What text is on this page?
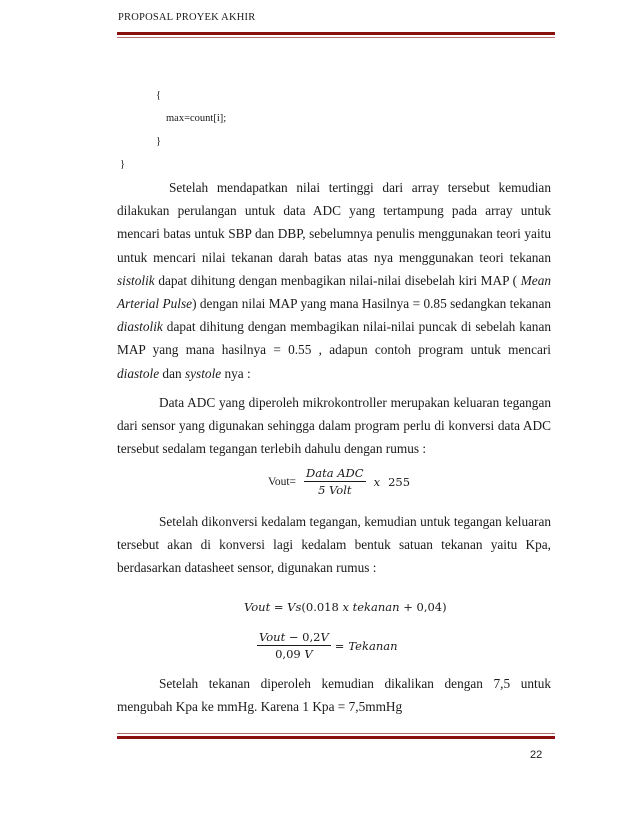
PROPOSAL PROYEK AKHIR
{
max=count[i];
}
}

Setelah mendapatkan nilai tertinggi dari array tersebut kemudian dilakukan perulangan untuk data ADC yang tertampung pada array untuk mencari batas untuk SBP dan DBP, sebelumnya penulis menggunakan teori yaitu untuk mencari nilai tekanan darah batas atas nya menggunakan teori tekanan sistolik dapat dihitung dengan menbagikan nilai-nilai disebelah kiri MAP ( Mean Arterial Pulse) dengan nilai MAP yang mana Hasilnya = 0.85 sedangkan tekanan diastolik dapat dihitung dengan membagikan nilai-nilai puncak di sebelah kanan MAP yang mana hasilnya = 0.55 , adapun contoh program untuk mencari diastole dan systole nya :

Data ADC yang diperoleh mikrokontroller merupakan keluaran tegangan dari sensor yang digunakan sehingga dalam program perlu di konversi data ADC tersebut sedalam tegangan terlebih dahulu dengan rumus :

Vout= $\frac{\text{Data ADC}}{\text{5 Volt}}$ x 255

Setelah dikonversi kedalam tegangan, kemudian untuk tegangan keluaran tersebut akan di konversi lagi kedalam bentuk satuan tekanan yaitu Kpa, berdasarkan datasheet sensor, digunakan rumus :

Vout = Vs(0.018 x tekanan + 0,04)
$\frac{\text{Vout − 0,2V}}{0,09 V}$ = Tekanan

Setelah tekanan diperoleh kemudian dikalikan dengan 7,5 untuk mengubah Kpa ke mmHg. Karena 1 Kpa = 7,5mmHg

22
